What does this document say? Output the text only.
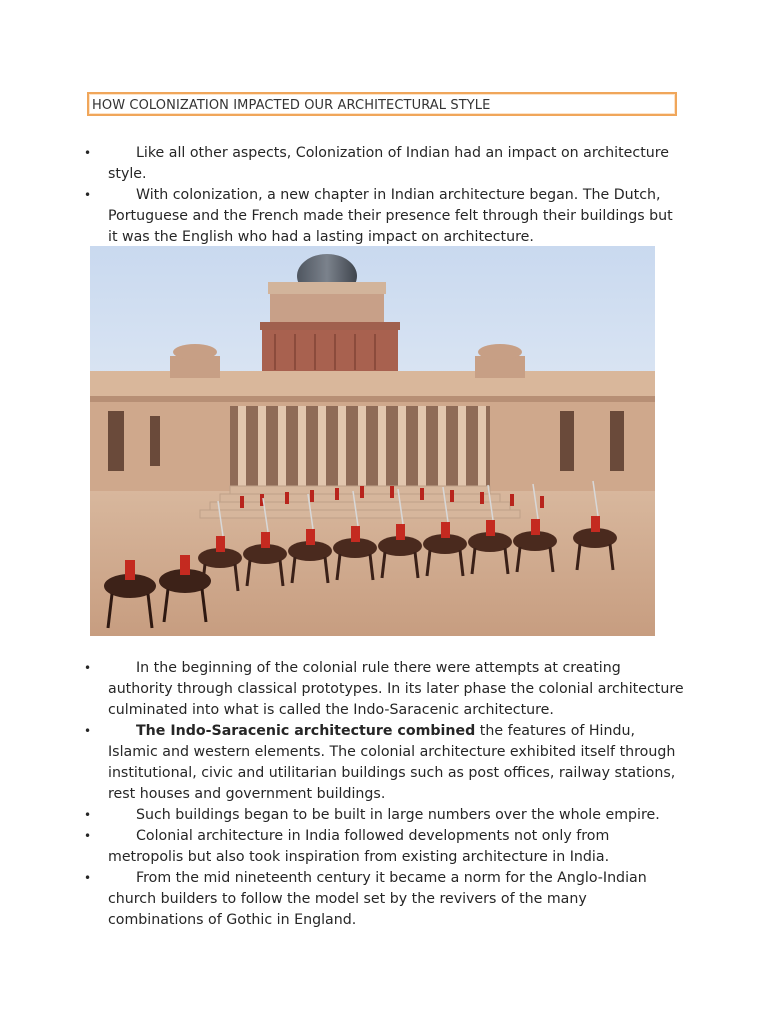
HOW COLONIZATION IMPACTED OUR ARCHITECTURAL STYLE
•	Like all other aspects, Colonization of Indian had an impact on architecture style.
•	With colonization, a new chapter in Indian architecture began. The Dutch, Portuguese and the French made their presence felt through their buildings but it was the English who had a lasting impact on architecture.
•	In the beginning of the colonial rule there were attempts at creating authority through classical prototypes. In its later phase the colonial architecture culminated into what is called the Indo-Saracenic architecture.
•	The Indo-Saracenic architecture combined the features of Hindu, Islamic and western elements. The colonial architecture exhibited itself through institutional, civic and utilitarian buildings such as post offices, railway stations, rest houses and government buildings.
•	Such buildings began to be built in large numbers over the whole empire.
•	Colonial architecture in India followed developments not only from metropolis but also took inspiration from existing architecture in India.
•	From the mid nineteenth century it became a norm for the Anglo-Indian church builders to follow the model set by the revivers of the many combinations of Gothic in England.
